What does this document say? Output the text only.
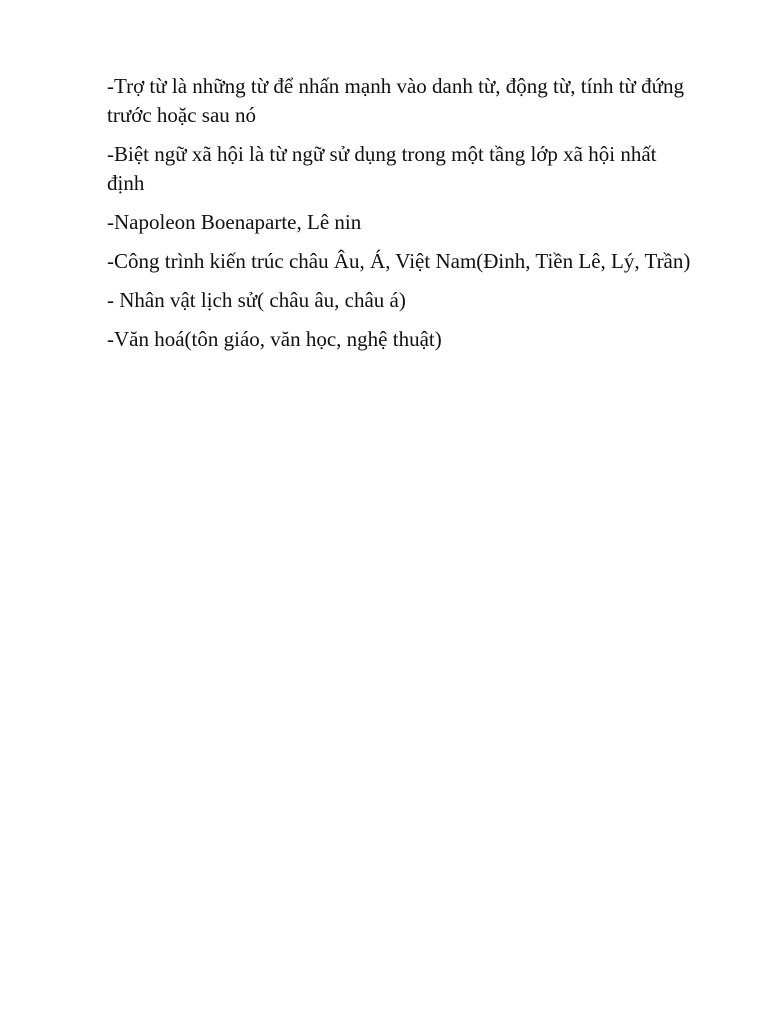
-Trợ từ là những từ để nhấn mạnh vào danh từ, động từ, tính từ đứng trước hoặc sau nó

-Biệt ngữ xã hội là từ ngữ sử dụng trong một tầng lớp xã hội nhất định

-Napoleon Boenaparte, Lê nin

-Công trình kiến trúc châu Âu, Á, Việt Nam(Đinh, Tiền Lê, Lý, Trần)

- Nhân vật lịch sử( châu âu, châu á)

-Văn hoá(tôn giáo, văn học, nghệ thuật)
